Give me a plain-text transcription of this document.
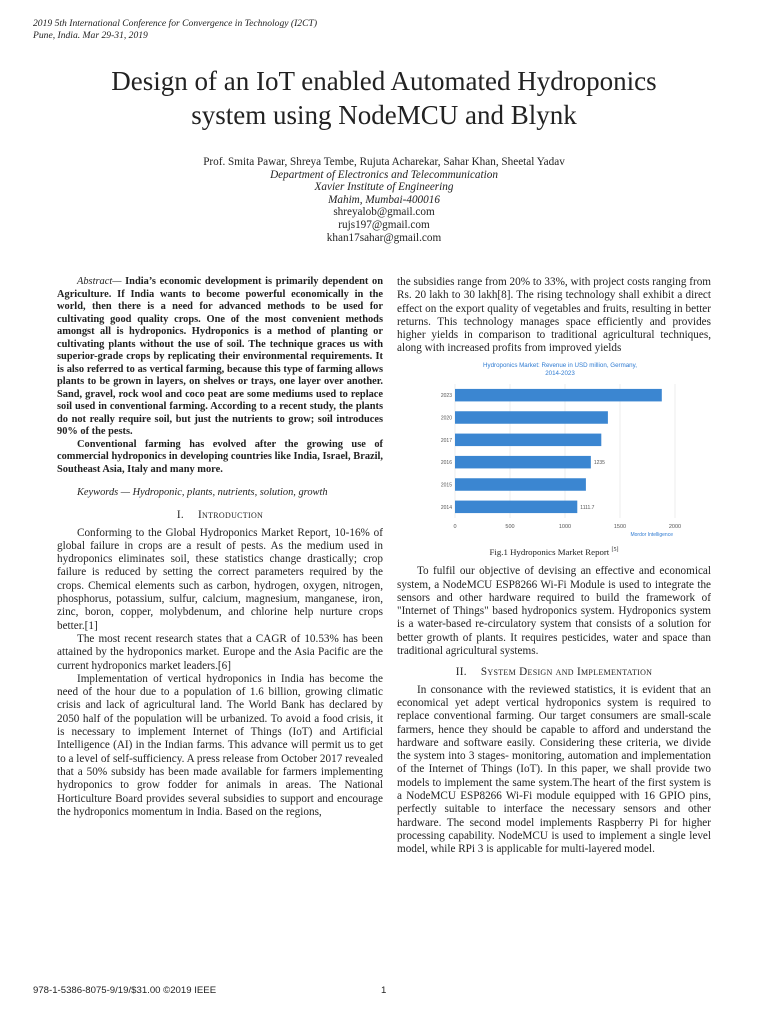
2019 5th International Conference for Convergence in Technology (I2CT)
Pune, India. Mar 29-31, 2019
Design of an IoT enabled Automated Hydroponics
system using NodeMCU and Blynk
Prof. Smita Pawar, Shreya Tembe, Rujuta Acharekar, Sahar Khan, Sheetal Yadav
Department of Electronics and Telecommunication
Xavier Institute of Engineering
Mahim, Mumbai-400016
shreyalob@gmail.com
rujs197@gmail.com
khan17sahar@gmail.com

Abstract— India’s economic development is primarily dependent on Agriculture. If India wants to become powerful economically in the world, then there is a need for advanced methods to be used for cultivating good quality crops. One of the most convenient methods amongst all is hydroponics. Hydroponics is a method of planting or cultivating plants without the use of soil. The technique graces us with superior-grade crops by replicating their environmental requirements. It is also referred to as vertical farming, because this type of farming allows plants to be grown in layers, on shelves or trays, one layer over another. Sand, gravel, rock wool and coco peat are some mediums used to replace soil used in conventional farming. According to a recent study, the plants do not really require soil, but just the nutrients to grow; soil introduces 90% of the pests.

Conventional farming has evolved after the growing use of commercial hydroponics in developing countries like India, Israel, Brazil, Southeast Asia, Italy and many more.

Keywords — Hydroponic, plants, nutrients, solution, growth

I. Introduction

Conforming to the Global Hydroponics Market Report, 10-16% of global failure in crops are a result of pests. As the medium used in hydroponics eliminates soil, these statistics change drastically; crop failure is reduced by setting the correct parameters required by the crops. Chemical elements such as carbon, hydrogen, oxygen, nitrogen, phosphorus, potassium, sulfur, calcium, magnesium, manganese, iron, zinc, boron, copper, molybdenum, and chlorine help nurture crops better.[1]

The most recent research states that a CAGR of 10.53% has been attained by the hydroponics market. Europe and the Asia Pacific are the current hydroponics market leaders.[6]

Implementation of vertical hydroponics in India has become the need of the hour due to a population of 1.6 billion, growing climatic crisis and lack of agricultural land. The World Bank has declared by 2050 half of the population will be urbanized. To avoid a food crisis, it is necessary to implement Internet of Things (IoT) and Artificial Intelligence (AI) in the Indian farms. This advance will permit us to get to a level of self-sufficiency. A press release from October 2017 revealed that a 50% subsidy has been made available for farmers implementing hydroponics to grow fodder for animals in areas. The National Horticulture Board provides several subsidies to support and encourage the hydroponics momentum in India. Based on the regions,

the subsidies range from 20% to 33%, with project costs ranging from Rs. 20 lakh to 30 lakh[8]. The rising technology shall exhibit a direct effect on the export quality of vegetables and fruits, resulting in better returns. This technology manages space efficiently and provides higher yields in comparison to traditional agricultural techniques, along with increased profits from improved yields

Hydroponics Market: Revenue in USD million, Germany,
2014-2023
0	500	1000	1500	2000
2023
2020
2017
2016	1235
2015
2014	1111.7
Mordor Intelligence
Fig.1 Hydroponics Market Report [5]

To fulfil our objective of devising an effective and economical system, a NodeMCU ESP8266 Wi-Fi Module is used to integrate the sensors and other hardware required to build the framework of "Internet of Things" based hydroponics system. Hydroponics system is a water-based re-circulatory system that consists of a solution for better growth of plants. It requires pesticides, water and space than traditional agricultural systems.

II. System Design and Implementation

In consonance with the reviewed statistics, it is evident that an economical yet adept vertical hydroponics system is required to replace conventional farming. Our target consumers are small-scale farmers, hence they should be capable to afford and understand the hardware and software easily. Considering these criteria, we divide the system into 3 stages- monitoring, automation and implementation of the Internet of Things (IoT). In this paper, we shall provide two models to implement the same system.The heart of the first system is a NodeMCU ESP8266 Wi-Fi module equipped with 16 GPIO pins, perfectly suitable to interface the necessary sensors and other hardware. The second model implements Raspberry Pi for higher processing capability. NodeMCU is used to implement a single level model, while RPi 3 is applicable for multi-layered model.

978-1-5386-8075-9/19/$31.00 ©2019 IEEE	1
